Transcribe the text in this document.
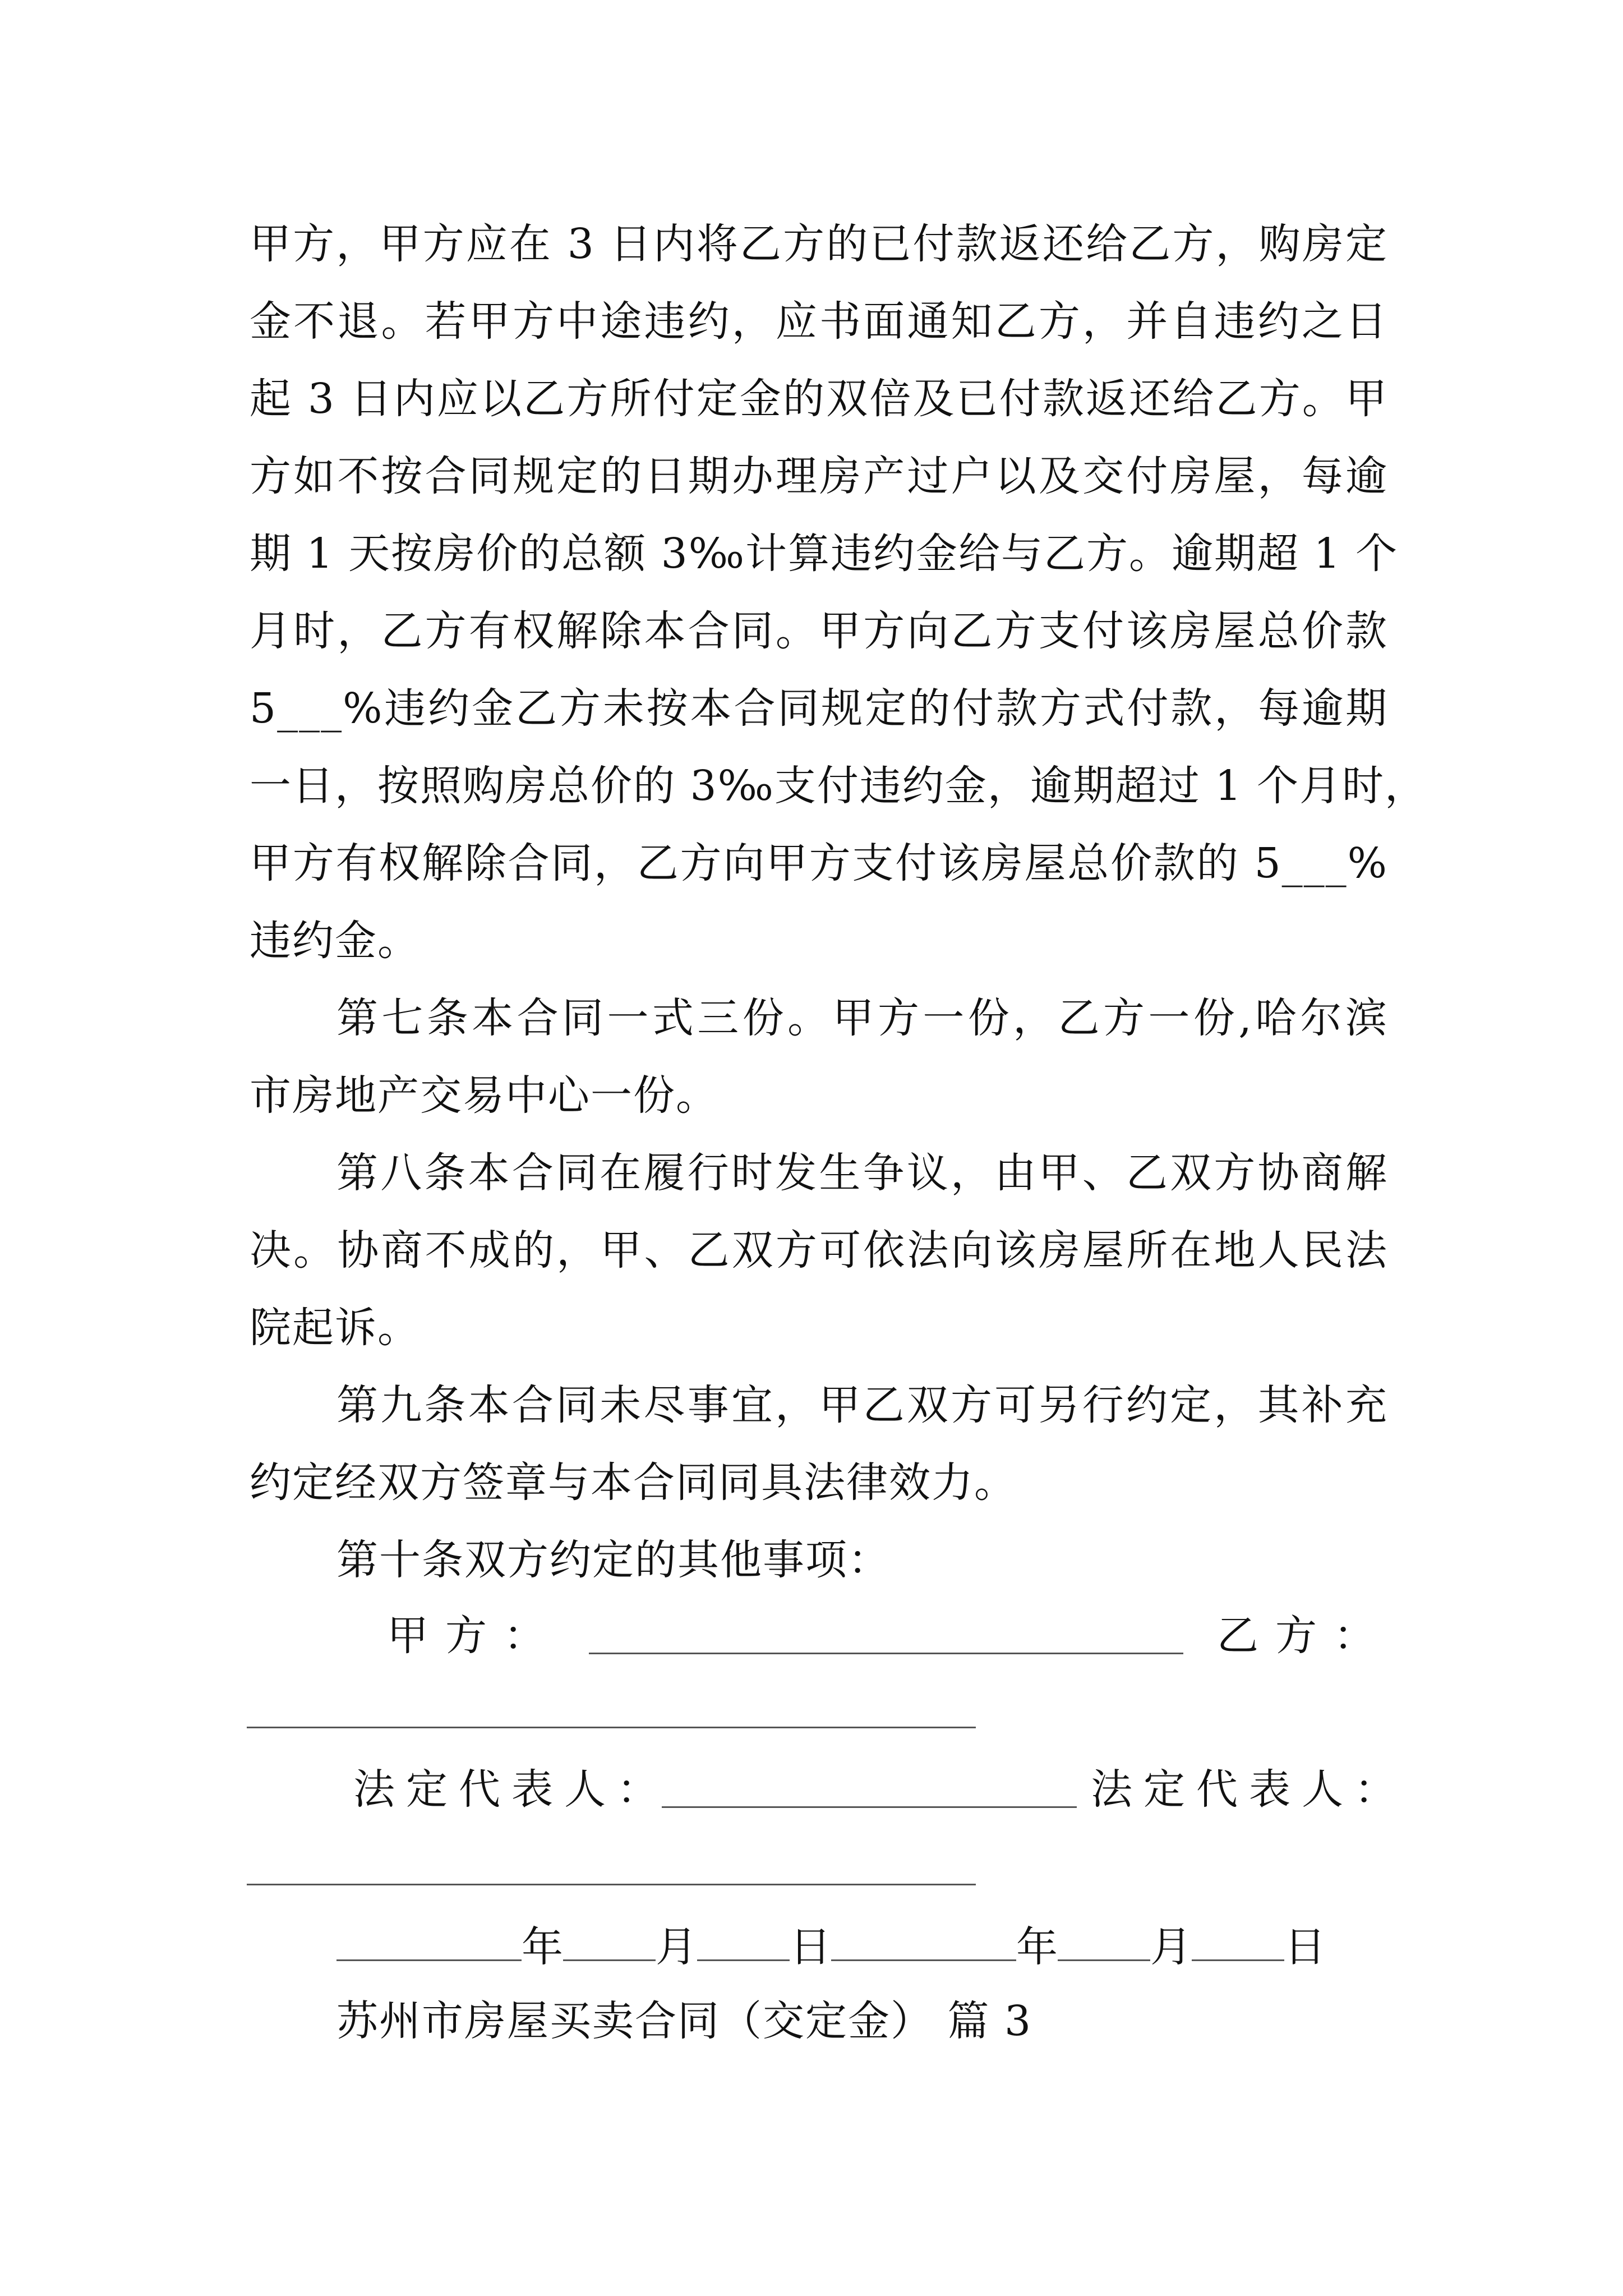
甲方，甲方应在 3 日内将乙方的已付款返还给乙方，购房定
金不退。若甲方中途违约，应书面通知乙方，并自违约之日
起 3 日内应以乙方所付定金的双倍及已付款返还给乙方。甲
方如不按合同规定的日期办理房产过户以及交付房屋，每逾
期 1 天按房价的总额 3‰计算违约金给与乙方。逾期超 1 个
月时，乙方有权解除本合同。甲方向乙方支付该房屋总价款
5___%违约金乙方未按本合同规定的付款方式付款，每逾期
一日，按照购房总价的 3‰支付违约金，逾期超过 1 个月时，
甲方有权解除合同，乙方向甲方支付该房屋总价款的 5___%
违约金。
第七条本合同一式三份。甲方一份，乙方一份,哈尔滨
市房地产交易中心一份。
第八条本合同在履行时发生争议，由甲、乙双方协商解
决。协商不成的，甲、乙双方可依法向该房屋所在地人民法
院起诉。
第九条本合同未尽事宜，甲乙双方可另行约定，其补充
约定经双方签章与本合同同具法律效力。
第十条双方约定的其他事项：
甲方：	乙方：
法定代表人：	法定代表人：
年 月 日	年 月 日
苏州市房屋买卖合同（交定金） 篇 3
